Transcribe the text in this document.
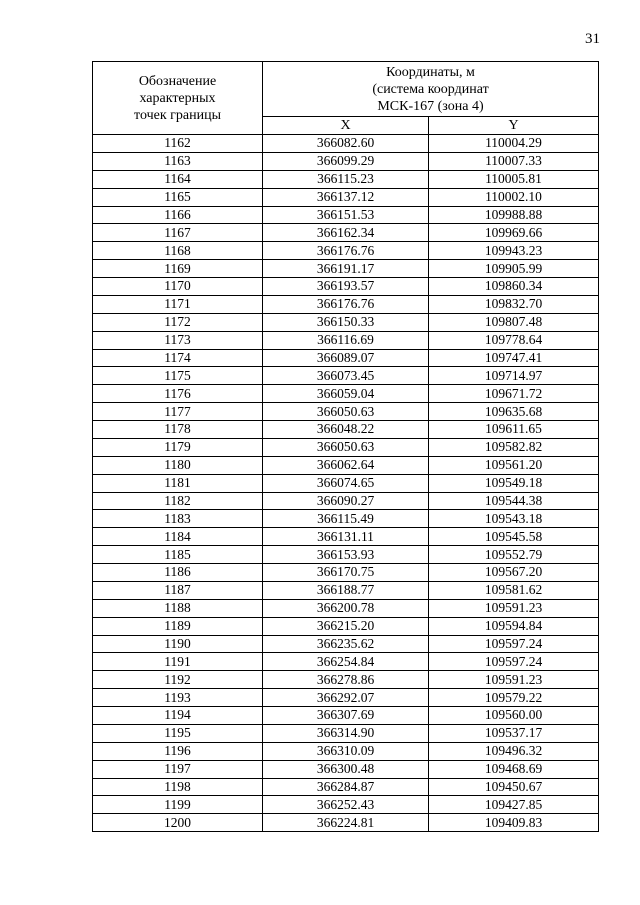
31
Обозначение
характерных
точек границы	Координаты, м
(система координат
МСК-167 (зона 4)	

	X	Y
1162	366082.60	110004.29
1163	366099.29	110007.33
1164	366115.23	110005.81
1165	366137.12	110002.10
1166	366151.53	109988.88
1167	366162.34	109969.66
1168	366176.76	109943.23
1169	366191.17	109905.99
1170	366193.57	109860.34
1171	366176.76	109832.70
1172	366150.33	109807.48
1173	366116.69	109778.64
1174	366089.07	109747.41
1175	366073.45	109714.97
1176	366059.04	109671.72
1177	366050.63	109635.68
1178	366048.22	109611.65
1179	366050.63	109582.82
1180	366062.64	109561.20
1181	366074.65	109549.18
1182	366090.27	109544.38
1183	366115.49	109543.18
1184	366131.11	109545.58
1185	366153.93	109552.79
1186	366170.75	109567.20
1187	366188.77	109581.62
1188	366200.78	109591.23
1189	366215.20	109594.84
1190	366235.62	109597.24
1191	366254.84	109597.24
1192	366278.86	109591.23
1193	366292.07	109579.22
1194	366307.69	109560.00
1195	366314.90	109537.17
1196	366310.09	109496.32
1197	366300.48	109468.69
1198	366284.87	109450.67
1199	366252.43	109427.85
1200	366224.81	109409.83
